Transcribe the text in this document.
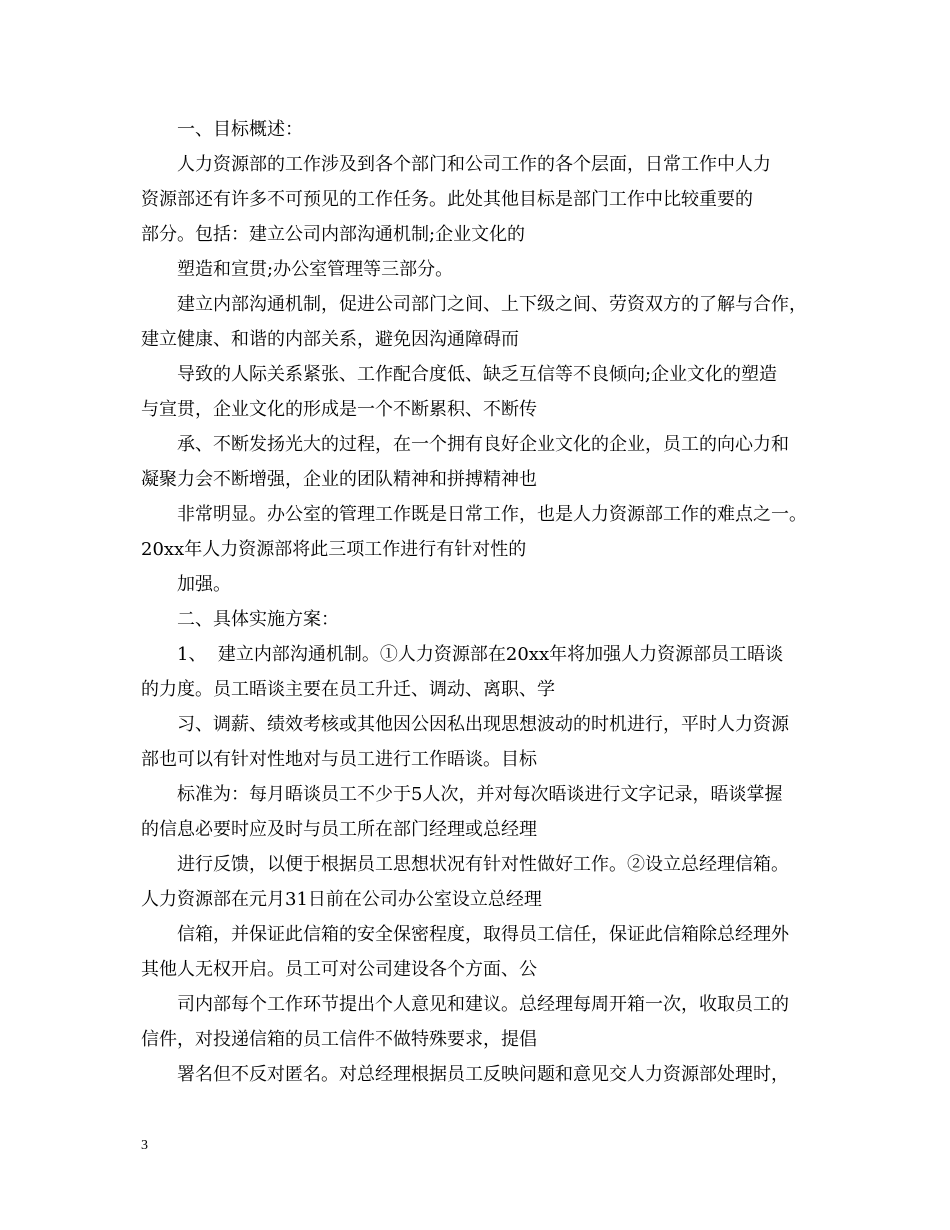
一、目标概述：

人力资源部的工作涉及到各个部门和公司工作的各个层面，日常工作中人力

资源部还有许多不可预见的工作任务。此处其他目标是部门工作中比较重要的

部分。包括：建立公司内部沟通机制;企业文化的

塑造和宣贯;办公室管理等三部分。

建立内部沟通机制，促进公司部门之间、上下级之间、劳资双方的了解与合作，

建立健康、和谐的内部关系，避免因沟通障碍而

导致的人际关系紧张、工作配合度低、缺乏互信等不良倾向;企业文化的塑造

与宣贯，企业文化的形成是一个不断累积、不断传

承、不断发扬光大的过程，在一个拥有良好企业文化的企业，员工的向心力和

凝聚力会不断增强，企业的团队精神和拼搏精神也

非常明显。办公室的管理工作既是日常工作，也是人力资源部工作的难点之一。

20xx年人力资源部将此三项工作进行有针对性的

加强。

二、具体实施方案：

1、  建立内部沟通机制。①人力资源部在20xx年将加强人力资源部员工晤谈

的力度。员工晤谈主要在员工升迁、调动、离职、学

习、调薪、绩效考核或其他因公因私出现思想波动的时机进行，平时人力资源

部也可以有针对性地对与员工进行工作晤谈。目标

标准为：每月晤谈员工不少于5人次，并对每次晤谈进行文字记录，晤谈掌握

的信息必要时应及时与员工所在部门经理或总经理

进行反馈，以便于根据员工思想状况有针对性做好工作。②设立总经理信箱。

人力资源部在元月31日前在公司办公室设立总经理

信箱，并保证此信箱的安全保密程度，取得员工信任，保证此信箱除总经理外

其他人无权开启。员工可对公司建设各个方面、公

司内部每个工作环节提出个人意见和建议。总经理每周开箱一次，收取员工的

信件，对投递信箱的员工信件不做特殊要求，提倡

署名但不反对匿名。对总经理根据员工反映问题和意见交人力资源部处理时，

3
